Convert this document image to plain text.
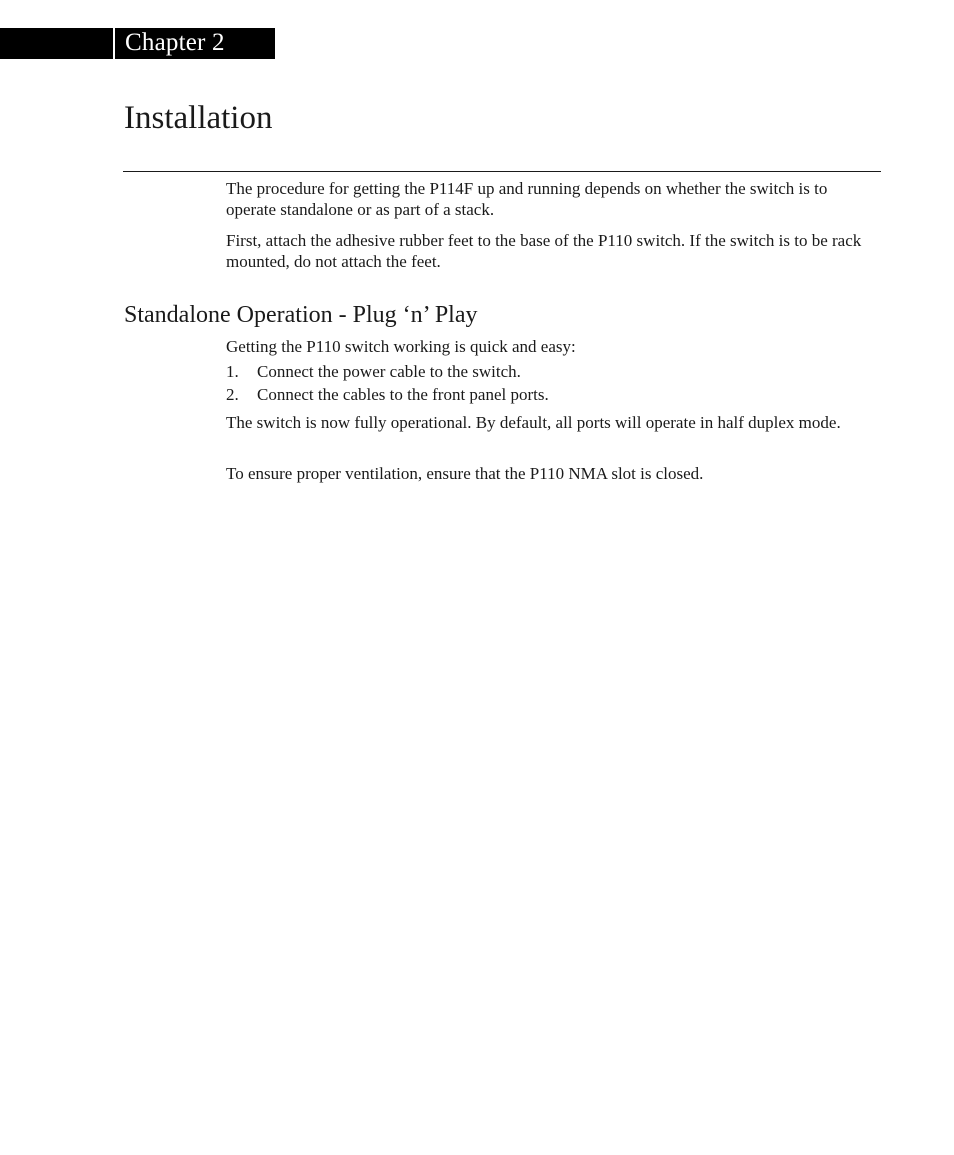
Chapter 2
Installation

The procedure for getting the P114F up and running depends on whether the switch is to operate standalone or as part of a stack.

First, attach the adhesive rubber feet to the base of the P110 switch. If the switch is to be rack mounted, do not attach the feet.

Standalone Operation - Plug ‘n’ Play

Getting the P110 switch working is quick and easy:

1.	Connect the power cable to the switch.
2.	Connect the cables to the front panel ports.

The switch is now fully operational. By default, all ports will operate in half duplex mode.

To ensure proper ventilation, ensure that the P110 NMA slot is closed.
